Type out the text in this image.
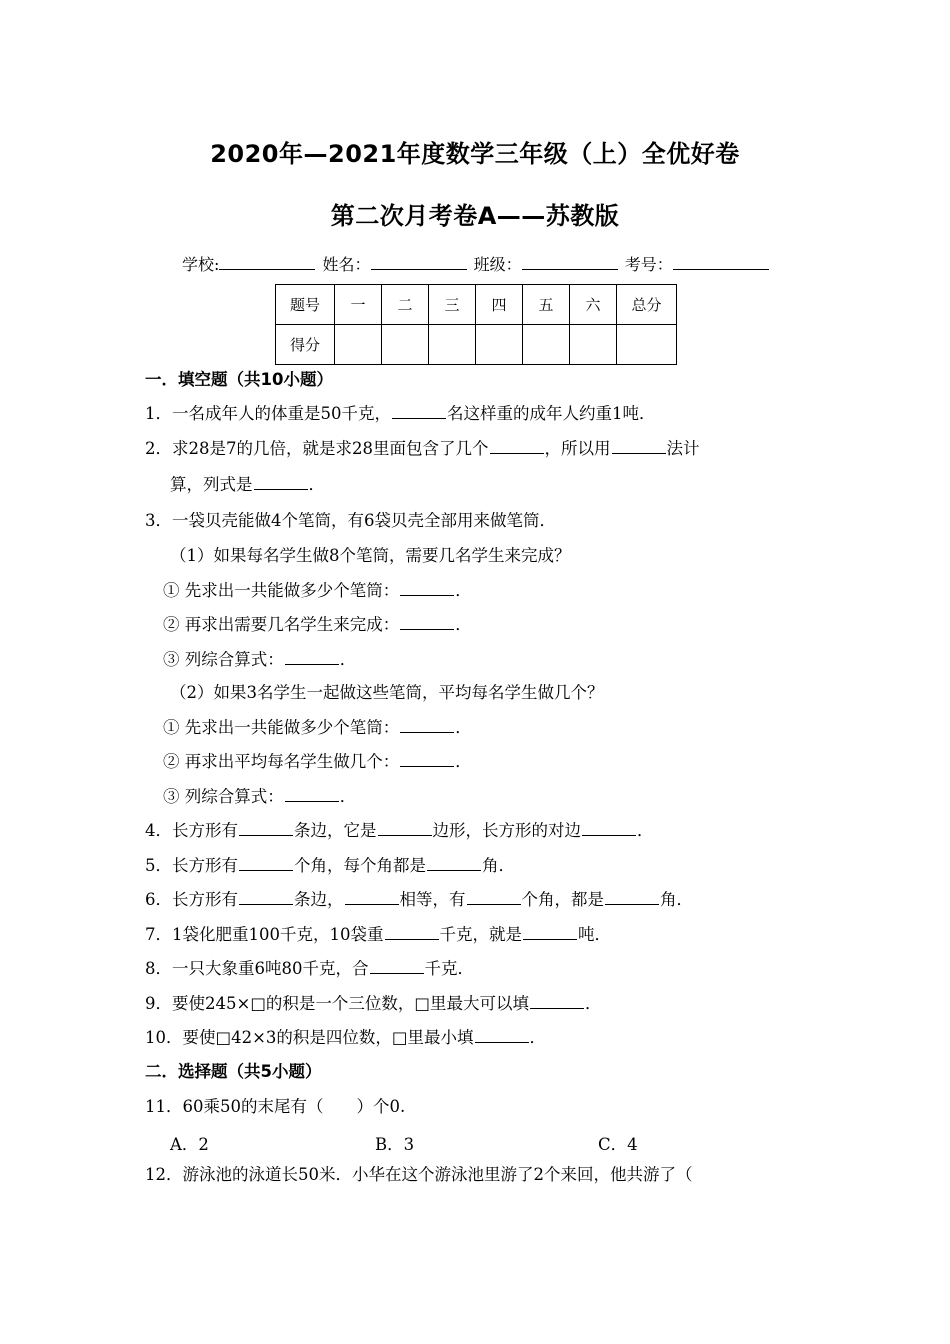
2020年—2021年度数学三年级（上）全优好卷
第二次月考卷A——苏教版
学校:	姓名：	班级：	考号：
题号	一	二	三	四	五	六	总分
得分							
一．填空题（共10小题）
1．一名成年人的体重是50千克，	名这样重的成年人约重1吨．
2．求28是7的几倍，就是求28里面包含了几个	，所以用	法计
算，列式是	．
3．一袋贝壳能做4个笔筒，有6袋贝壳全部用来做笔筒．
（1）如果每名学生做8个笔筒，需要几名学生来完成？
① 先求出一共能做多少个笔筒：	．
② 再求出需要几名学生来完成：	．
③ 列综合算式：	．
（2）如果3名学生一起做这些笔筒，平均每名学生做几个？
① 先求出一共能做多少个笔筒：	．
② 再求出平均每名学生做几个：	．
③ 列综合算式：	．
4．长方形有	条边，它是	边形，长方形的对边	．
5．长方形有	个角，每个角都是	角．
6．长方形有	条边，	相等，有	个角，都是	角．
7．1袋化肥重100千克，10袋重	千克，就是	吨．
8．一只大象重6吨80千克，合	千克．
9．要使245×□的积是一个三位数，□里最大可以填	．
10．要使□42×3的积是四位数，□里最小填	．
二．选择题（共5小题）
11．60乘50的末尾有（　　）个0.
A．2	B．3	C．4
12．游泳池的泳道长50米．小华在这个游泳池里游了2个来回，他共游了（
